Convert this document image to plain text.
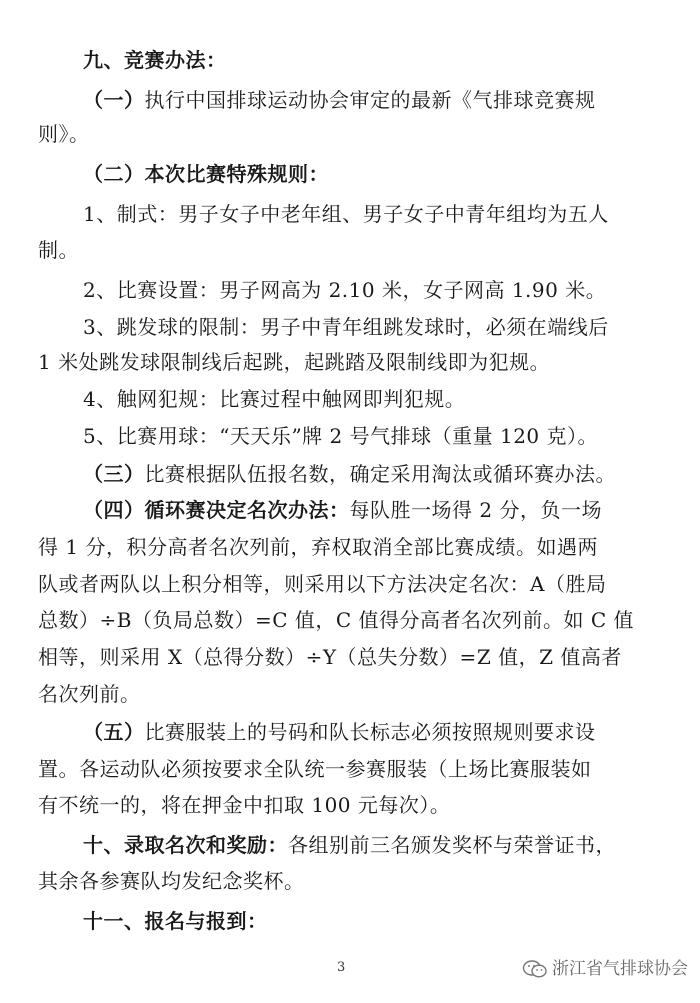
九、竞赛办法：
（一）执行中国排球运动协会审定的最新《气排球竞赛规
则》。
（二）本次比赛特殊规则：
1、制式：男子女子中老年组、男子女子中青年组均为五人
制。
2、比赛设置：男子网高为 2.10 米，女子网高 1.90 米。
3、跳发球的限制：男子中青年组跳发球时，必须在端线后
1 米处跳发球限制线后起跳，起跳踏及限制线即为犯规。
4、触网犯规：比赛过程中触网即判犯规。
5、比赛用球：“天天乐”牌 2 号气排球（重量 120 克）。
（三）比赛根据队伍报名数，确定采用淘汰或循环赛办法。
（四）循环赛决定名次办法：每队胜一场得 2 分，负一场
得 1 分，积分高者名次列前，弃权取消全部比赛成绩。如遇两
队或者两队以上积分相等，则采用以下方法决定名次：A（胜局
总数）÷B（负局总数）=C 值，C 值得分高者名次列前。如 C 值
相等，则采用 X（总得分数）÷Y（总失分数）=Z 值，Z 值高者
名次列前。
（五）比赛服装上的号码和队长标志必须按照规则要求设
置。各运动队必须按要求全队统一参赛服装（上场比赛服装如
有不统一的，将在押金中扣取 100 元每次）。
十、录取名次和奖励：各组别前三名颁发奖杯与荣誉证书，
其余各参赛队均发纪念奖杯。
十一、报名与报到：
3	浙江省气排球协会
